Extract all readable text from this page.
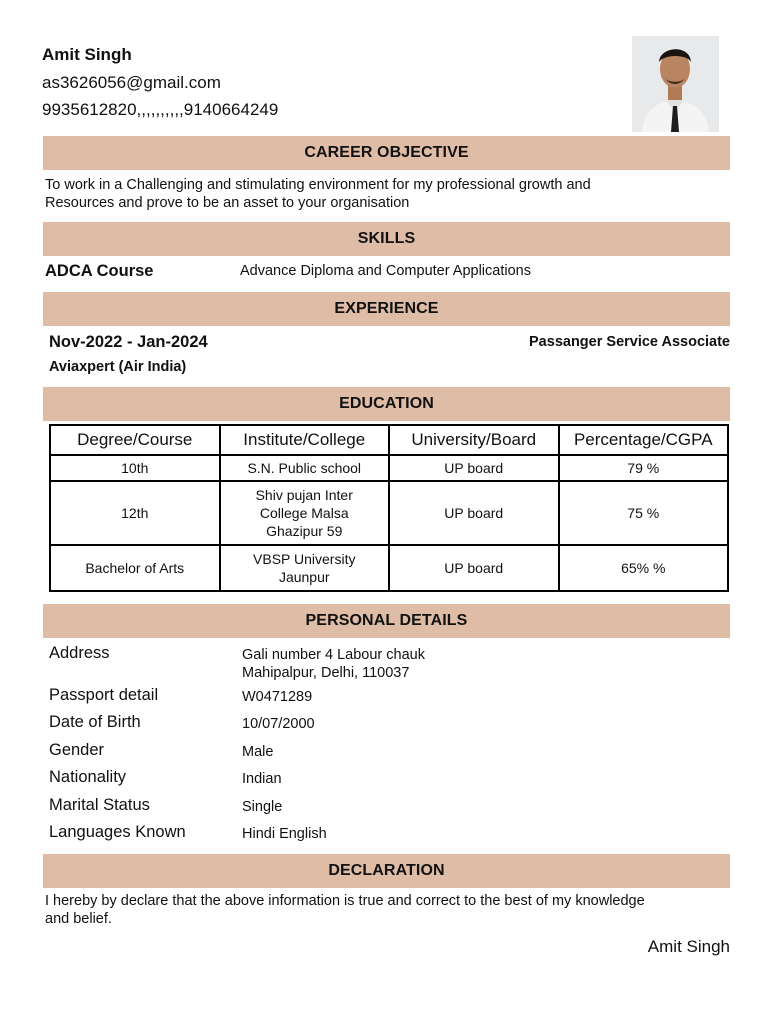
Amit Singh
as3626056@gmail.com
9935612820,,,,,,,,,,9140664249
CAREER OBJECTIVE
To work in a Challenging and stimulating environment for my professional growth and
Resources and prove to be an asset to your organisation
SKILLS
ADCA Course	Advance Diploma and Computer Applications
EXPERIENCE
Nov-2022 - Jan-2024	Passanger Service Associate
Aviaxpert (Air India)
EDUCATION
Degree/Course	Institute/College	University/Board	Percentage/CGPA
10th	S.N. Public school	UP board	79 %
12th	Shiv pujan Inter
College Malsa
Ghazipur 59	UP board	75 %
Bachelor of Arts	VBSP University
Jaunpur	UP board	65% %
PERSONAL DETAILS
Address	Gali number 4 Labour chauk
Mahipalpur, Delhi, 110037
Passport detail	W0471289
Date of Birth	10/07/2000
Gender	Male
Nationality	Indian
Marital Status	Single
Languages Known	Hindi English
DECLARATION
I hereby by declare that the above information is true and correct to the best of my knowledge
and belief.
Amit Singh
